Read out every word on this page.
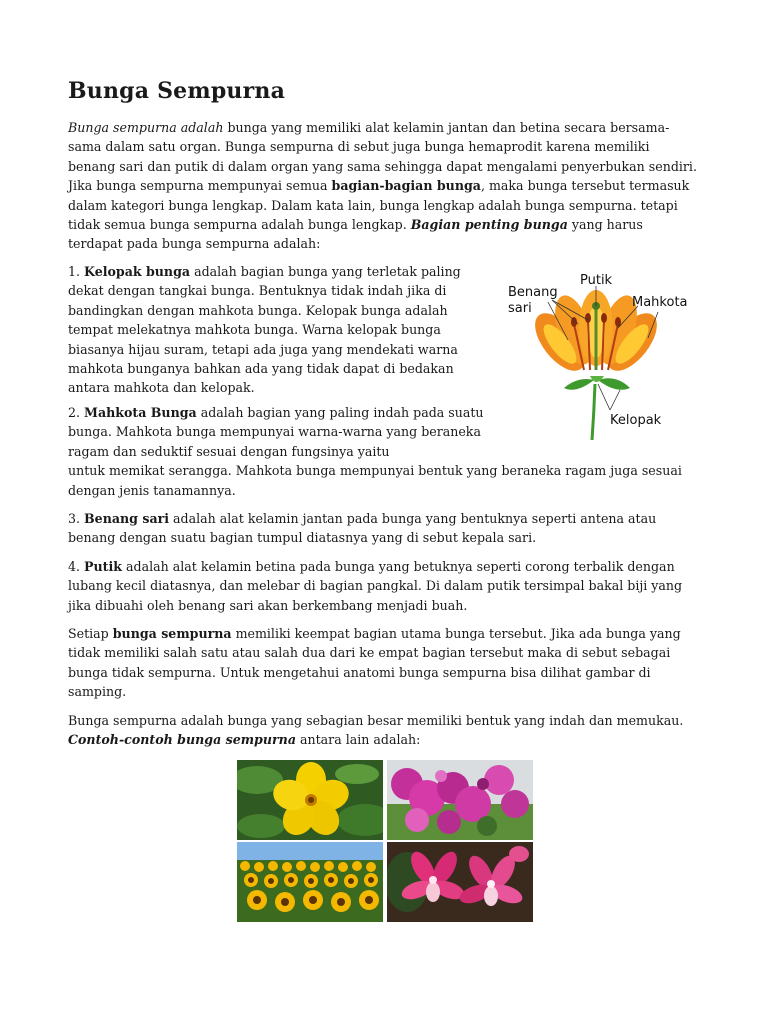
Bunga Sempurna

Bunga sempurna adalah bunga yang memiliki alat kelamin jantan dan betina secara bersama-sama dalam satu organ. Bunga sempurna di sebut juga bunga hemaprodit karena memiliki benang sari dan putik di dalam organ yang sama sehingga dapat mengalami penyerbukan sendiri. Jika bunga sempurna mempunyai semua bagian-bagian bunga, maka bunga tersebut termasuk dalam kategori bunga lengkap. Dalam kata lain, bunga lengkap adalah bunga sempurna. tetapi tidak semua bunga sempurna adalah bunga lengkap. Bagian penting bunga yang harus terdapat pada bunga sempurna adalah:

1. Kelopak bunga adalah bagian bunga yang terletak paling dekat dengan tangkai bunga. Bentuknya tidak indah jika di bandingkan dengan mahkota bunga. Kelopak bunga adalah tempat melekatnya mahkota bunga. Warna kelopak bunga biasanya hijau suram, tetapi ada juga yang mendekati warna mahkota bunganya bahkan ada yang tidak dapat di bedakan antara mahkota dan kelopak.

Benang
sari
Putik
Mahkota
Kelopak

2. Mahkota Bunga adalah bagian yang paling indah pada suatu bunga. Mahkota bunga mempunyai warna-warna yang beraneka ragam dan seduktif sesuai dengan fungsinya yaitu
untuk memikat serangga. Mahkota bunga mempunyai bentuk yang beraneka ragam juga sesuai dengan jenis tanamannya.

3. Benang sari adalah alat kelamin jantan pada bunga yang bentuknya seperti antena atau benang dengan suatu bagian tumpul diatasnya yang di sebut kepala sari.

4. Putik adalah alat kelamin betina pada bunga yang betuknya seperti corong terbalik dengan lubang kecil diatasnya, dan melebar di bagian pangkal. Di dalam putik tersimpal bakal biji yang jika dibuahi oleh benang sari akan berkembang menjadi buah.

Setiap bunga sempurna memiliki keempat bagian utama bunga tersebut. Jika ada bunga yang tidak memiliki salah satu atau salah dua dari ke empat bagian tersebut maka di sebut sebagai bunga tidak sempurna. Untuk mengetahui anatomi bunga sempurna bisa dilihat gambar di samping.

Bunga sempurna adalah bunga yang sebagian besar memiliki bentuk yang indah dan memukau. Contoh-contoh bunga sempurna antara lain adalah:
